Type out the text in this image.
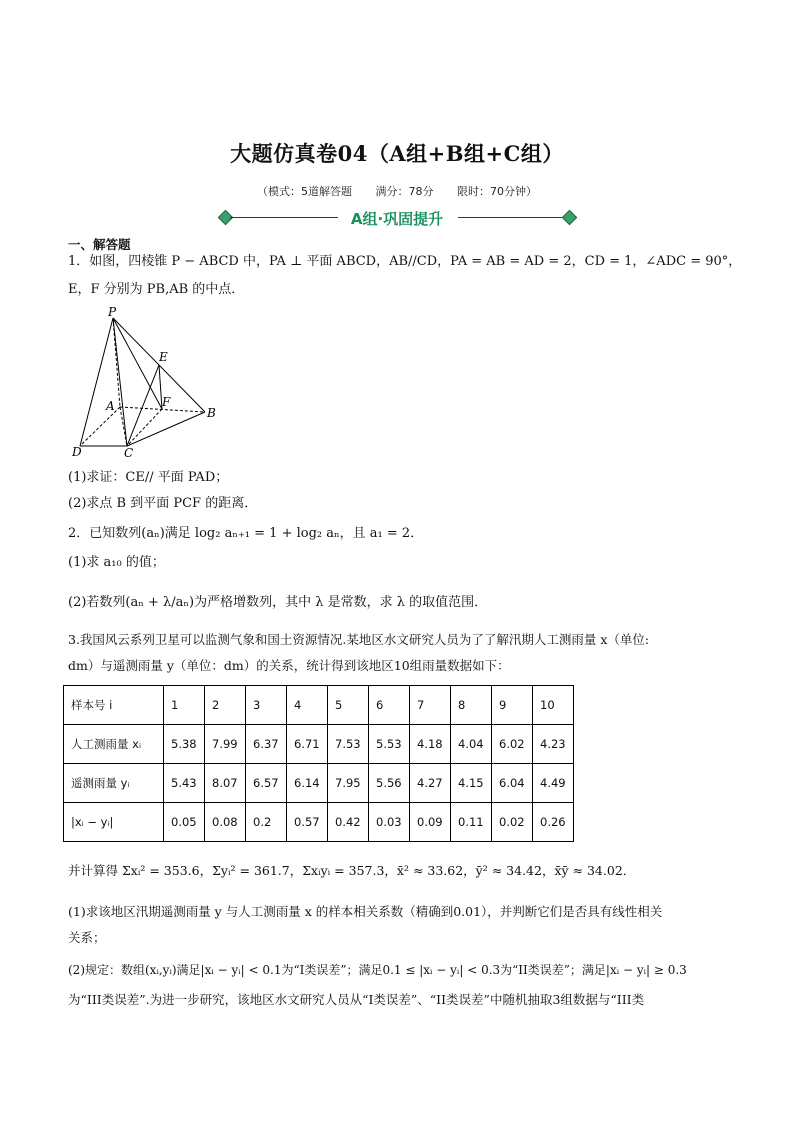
大题仿真卷04（A组+B组+C组）
（模式：5道解答题 满分：78分 限时：70分钟）
A组·巩固提升
一、解答题
1．如图，四棱锥 P − ABCD 中，PA ⊥ 平面 ABCD，AB//CD，PA = AB = AD = 2，CD = 1，∠ADC = 90°，
E，F 分别为 PB,AB 的中点．
P
E
A	F
B
D	C
(1)求证：CE// 平面 PAD；
(2)求点 B 到平面 PCF 的距离．
2．已知数列(aₙ)满足 log₂ aₙ₊₁ = 1 + log₂ aₙ，且 a₁ = 2．
(1)求 a₁₀ 的值；
(2)若数列(aₙ + λ/aₙ)为严格增数列，其中 λ 是常数，求 λ 的取值范围．
3.我国风云系列卫星可以监测气象和国土资源情况.某地区水文研究人员为了了解汛期人工测雨量 x（单位:
dm）与遥测雨量 y（单位：dm）的关系，统计得到该地区10组雨量数据如下：
样本号 i	1	2	3	4	5	6	7	8	9	10
人工测雨量 xᵢ	5.38	7.99	6.37	6.71	7.53	5.53	4.18	4.04	6.02	4.23
遥测雨量 yᵢ	5.43	8.07	6.57	6.14	7.95	5.56	4.27	4.15	6.04	4.49
|xᵢ − yᵢ|	0.05	0.08	0.2	0.57	0.42	0.03	0.09	0.11	0.02	0.26
并计算得 Σxᵢ² = 353.6，Σyᵢ² = 361.7，Σxᵢyᵢ = 357.3，x̄² ≈ 33.62，ȳ² ≈ 34.42，x̄ȳ ≈ 34.02．
(1)求该地区汛期遥测雨量 y 与人工测雨量 x 的样本相关系数（精确到0.01），并判断它们是否具有线性相关
关系；
(2)规定：数组(xᵢ,yᵢ)满足|xᵢ − yᵢ| < 0.1为“I类误差”；满足0.1 ≤ |xᵢ − yᵢ| < 0.3为“II类误差”；满足|xᵢ − yᵢ| ≥ 0.3
为“III类误差”.为进一步研究，该地区水文研究人员从“I类误差”、“II类误差”中随机抽取3组数据与“III类
